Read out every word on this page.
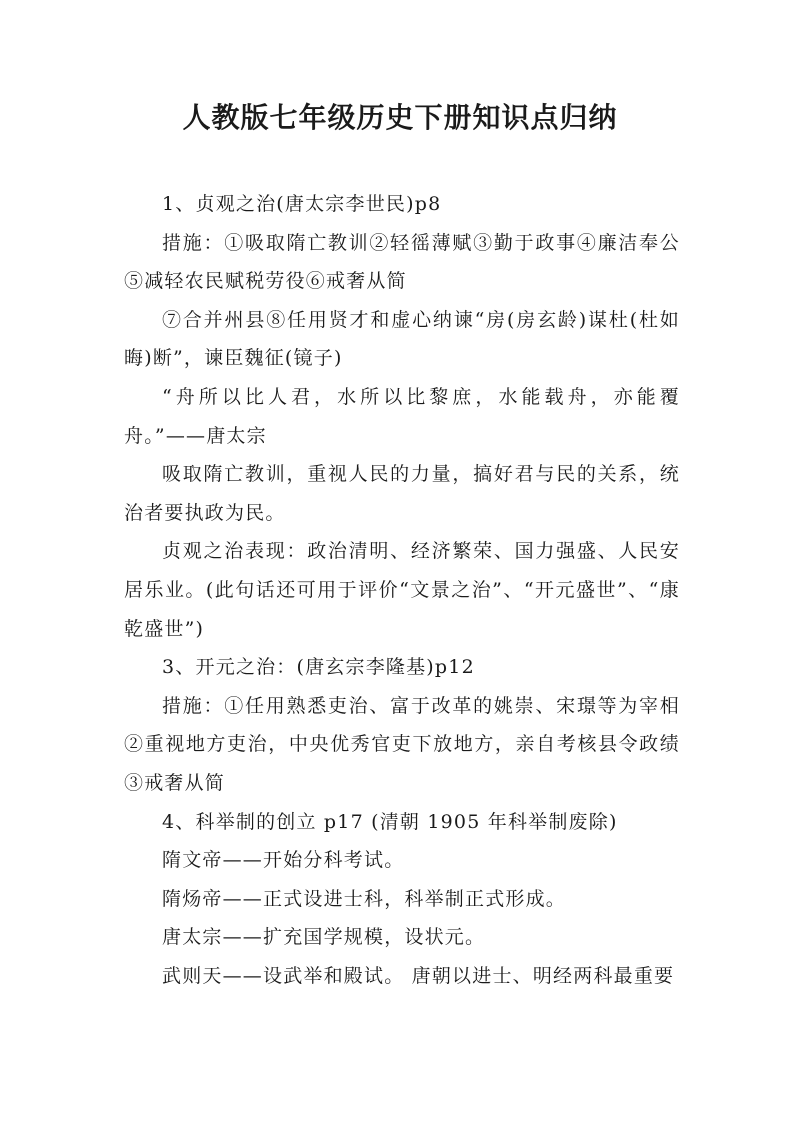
人教版七年级历史下册知识点归纳

1、贞观之治(唐太宗李世民)p8

措施：①吸取隋亡教训②轻徭薄赋③勤于政事④廉洁奉公⑤减轻农民赋税劳役⑥戒奢从简

⑦合并州县⑧任用贤才和虚心纳谏“房(房玄龄)谋杜(杜如晦)断”，谏臣魏征(镜子)

“舟所以比人君，水所以比黎庶，水能载舟，亦能覆舟。”——唐太宗

吸取隋亡教训，重视人民的力量，搞好君与民的关系，统治者要执政为民。

贞观之治表现：政治清明、经济繁荣、国力强盛、人民安居乐业。(此句话还可用于评价“文景之治”、“开元盛世”、“康乾盛世”)

3、开元之治：(唐玄宗李隆基)p12

措施：①任用熟悉吏治、富于改革的姚崇、宋璟等为宰相②重视地方吏治，中央优秀官吏下放地方，亲自考核县令政绩③戒奢从简

4、科举制的创立 p17 (清朝 1905 年科举制废除)

隋文帝——开始分科考试。

隋炀帝——正式设进士科，科举制正式形成。

唐太宗——扩充国学规模，设状元。

武则天——设武举和殿试。 唐朝以进士、明经两科最重要
